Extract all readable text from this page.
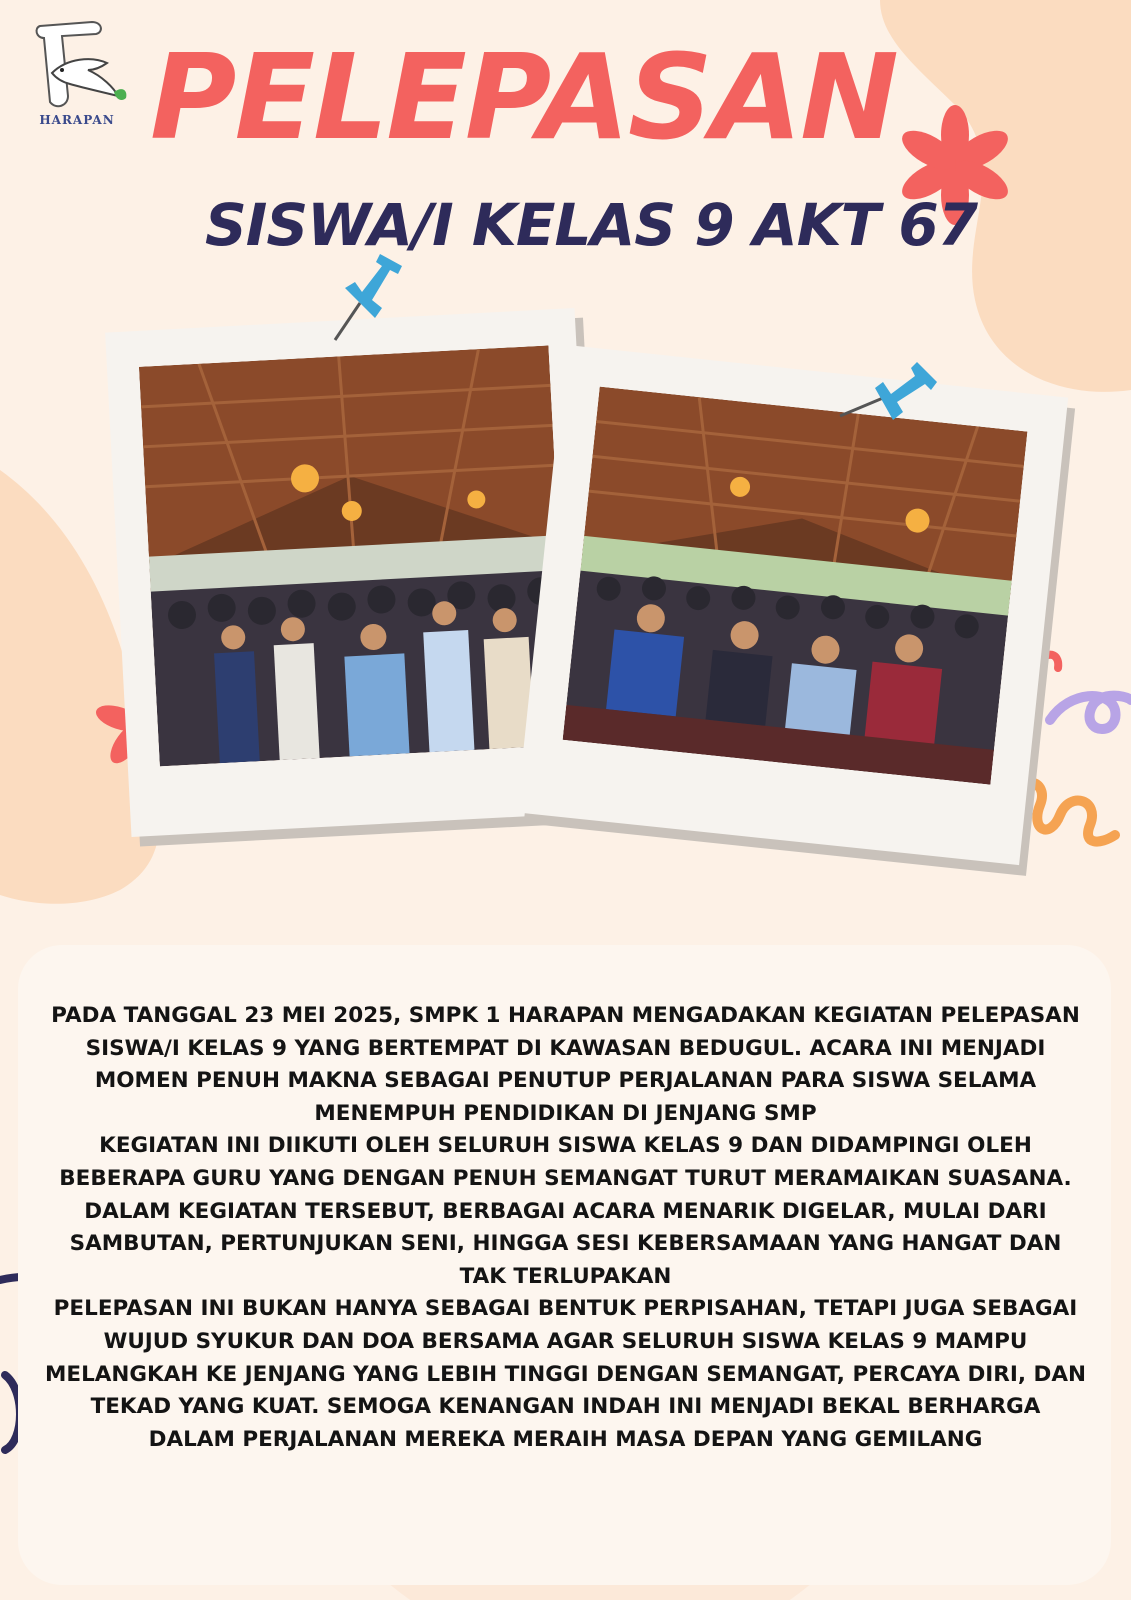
HARAPAN PELEPASAN
SISWA/I KELAS 9 AKT 67

PADA TANGGAL 23 MEI 2025, SMPK 1 HARAPAN MENGADAKAN KEGIATAN PELEPASAN SISWA/I KELAS 9 YANG BERTEMPAT DI KAWASAN BEDUGUL. ACARA INI MENJADI MOMEN PENUH MAKNA SEBAGAI PENUTUP PERJALANAN PARA SISWA SELAMA MENEMPUH PENDIDIKAN DI JENJANG SMP

KEGIATAN INI DIIKUTI OLEH SELURUH SISWA KELAS 9 DAN DIDAMPINGI OLEH BEBERAPA GURU YANG DENGAN PENUH SEMANGAT TURUT MERAMAIKAN SUASANA. DALAM KEGIATAN TERSEBUT, BERBAGAI ACARA MENARIK DIGELAR, MULAI DARI SAMBUTAN, PERTUNJUKAN SENI, HINGGA SESI KEBERSAMAAN YANG HANGAT DAN TAK TERLUPAKAN

PELEPASAN INI BUKAN HANYA SEBAGAI BENTUK PERPISAHAN, TETAPI JUGA SEBAGAI WUJUD SYUKUR DAN DOA BERSAMA AGAR SELURUH SISWA KELAS 9 MAMPU MELANGKAH KE JENJANG YANG LEBIH TINGGI DENGAN SEMANGAT, PERCAYA DIRI, DAN TEKAD YANG KUAT. SEMOGA KENANGAN INDAH INI MENJADI BEKAL BERHARGA DALAM PERJALANAN MEREKA MERAIH MASA DEPAN YANG GEMILANG
